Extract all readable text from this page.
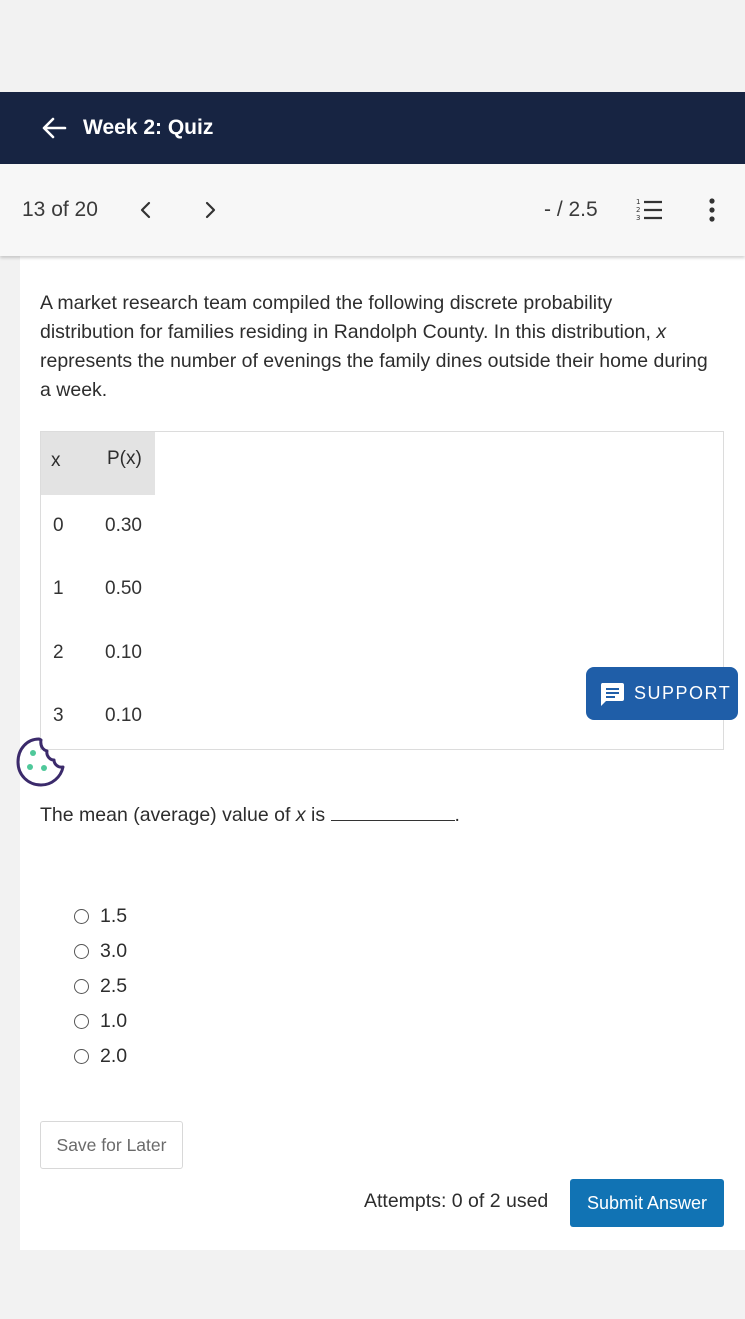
Week 2: Quiz
13 of 20	- / 2.5	1
2
3

A market research team compiled the following discrete probability distribution for families residing in Randolph County. In this distribution, x represents the number of evenings the family dines outside their home during a week.

x P(x)
0 0.30
1 0.50
2 0.10
3 0.10
SUPPORT

The mean (average) value of x is	.

1.5
3.0
2.5
1.0
2.0
Save for Later
Attempts: 0 of 2 used	Submit Answer
